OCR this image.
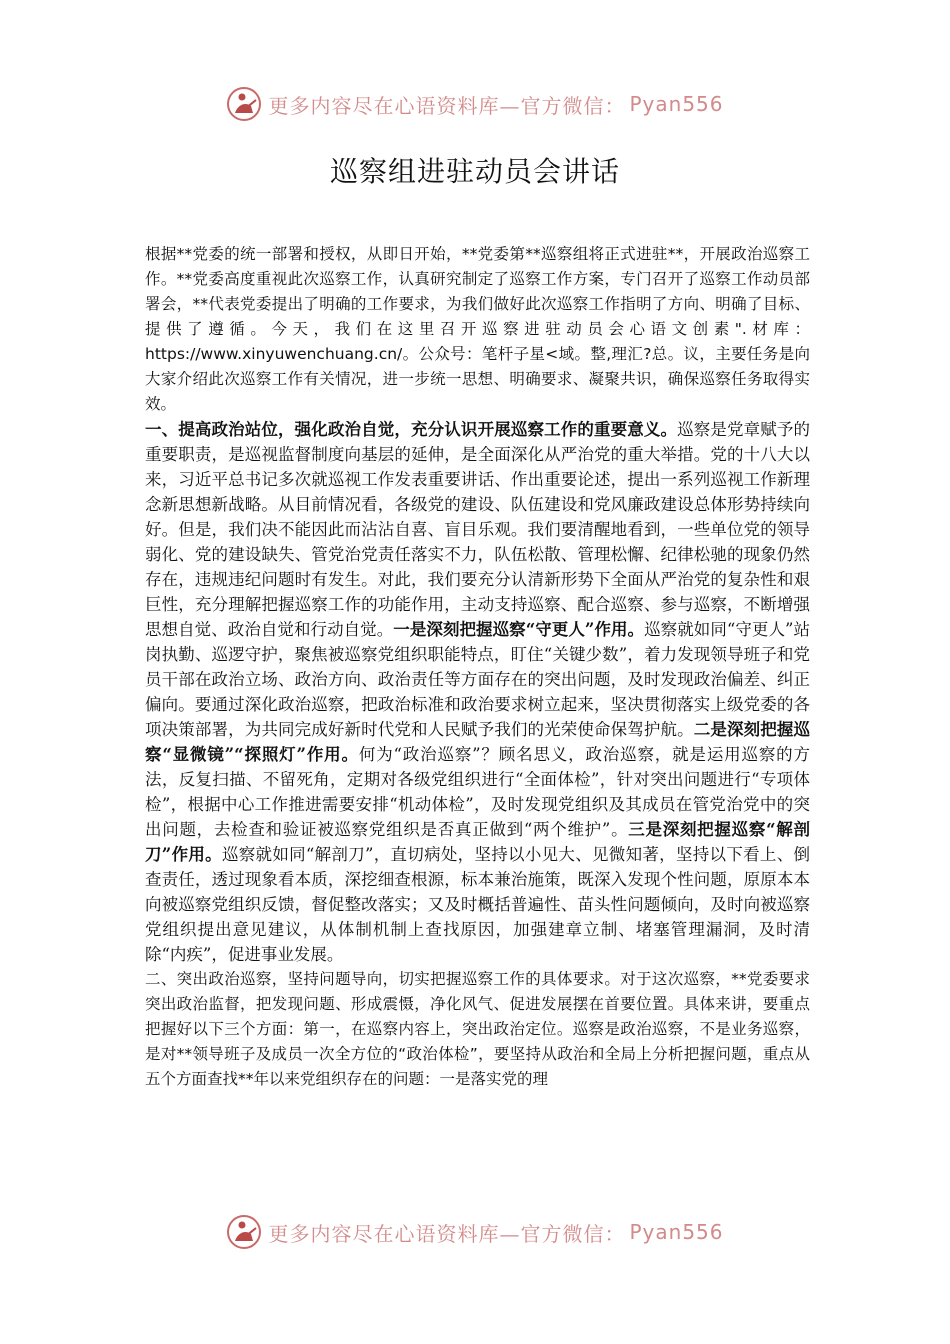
更多内容尽在心语资料库—官方微信： Pyan556
巡察组进驻动员会讲话

根据**党委的统一部署和授权，从即日开始，**党委第**巡察组将正式进驻**，开展政治巡察工作。**党委高度重视此次巡察工作，认真研究制定了巡察工作方案，专门召开了巡察工作动员部署会，**代表党委提出了明确的工作要求，为我们做好此次巡察工作指明了方向、明确了目标、提供了遵循。今天，我们在这里召开巡察进驻动员会心语文创素".材库：https://www.xinyuwenchuang.cn/。公众号：笔杆子星<域。整,理汇?总。议，主要任务是向大家介绍此次巡察工作有关情况，进一步统一思想、明确要求、凝聚共识，确保巡察任务取得实效。

一、提高政治站位，强化政治自觉，充分认识开展巡察工作的重要意义。巡察是党章赋予的重要职责，是巡视监督制度向基层的延伸，是全面深化从严治党的重大举措。党的十八大以来，习近平总书记多次就巡视工作发表重要讲话、作出重要论述，提出一系列巡视工作新理念新思想新战略。从目前情况看，各级党的建设、队伍建设和党风廉政建设总体形势持续向好。但是，我们决不能因此而沾沾自喜、盲目乐观。我们要清醒地看到，一些单位党的领导弱化、党的建设缺失、管党治党责任落实不力，队伍松散、管理松懈、纪律松驰的现象仍然存在，违规违纪问题时有发生。对此，我们要充分认清新形势下全面从严治党的复杂性和艰巨性，充分理解把握巡察工作的功能作用，主动支持巡察、配合巡察、参与巡察，不断增强思想自觉、政治自觉和行动自觉。一是深刻把握巡察“守更人”作用。巡察就如同“守更人”站岗执勤、巡逻守护，聚焦被巡察党组织职能特点，盯住“关键少数”，着力发现领导班子和党员干部在政治立场、政治方向、政治责任等方面存在的突出问题，及时发现政治偏差、纠正偏向。要通过深化政治巡察，把政治标准和政治要求树立起来，坚决贯彻落实上级党委的各项决策部署，为共同完成好新时代党和人民赋予我们的光荣使命保驾护航。二是深刻把握巡察“显微镜”“探照灯”作用。何为“政治巡察”？顾名思义，政治巡察，就是运用巡察的方法，反复扫描、不留死角，定期对各级党组织进行“全面体检”，针对突出问题进行“专项体检”，根据中心工作推进需要安排“机动体检”，及时发现党组织及其成员在管党治党中的突出问题，去检查和验证被巡察党组织是否真正做到“两个维护”。三是深刻把握巡察“解剖刀”作用。巡察就如同“解剖刀”，直切病处，坚持以小见大、见微知著，坚持以下看上、倒查责任，透过现象看本质，深挖细查根源，标本兼治施策，既深入发现个性问题，原原本本向被巡察党组织反馈，督促整改落实；又及时概括普遍性、苗头性问题倾向，及时向被巡察党组织提出意见建议，从体制机制上查找原因，加强建章立制、堵塞管理漏洞，及时清除“内疾”，促进事业发展。

二、突出政治巡察，坚持问题导向，切实把握巡察工作的具体要求。对于这次巡察，**党委要求突出政治监督，把发现问题、形成震慑，净化风气、促进发展摆在首要位置。具体来讲，要重点把握好以下三个方面：第一，在巡察内容上，突出政治定位。巡察是政治巡察，不是业务巡察，是对**领导班子及成员一次全方位的“政治体检”，要坚持从政治和全局上分析把握问题，重点从五个方面查找**年以来党组织存在的问题：一是落实党的理

更多内容尽在心语资料库—官方微信： Pyan556
